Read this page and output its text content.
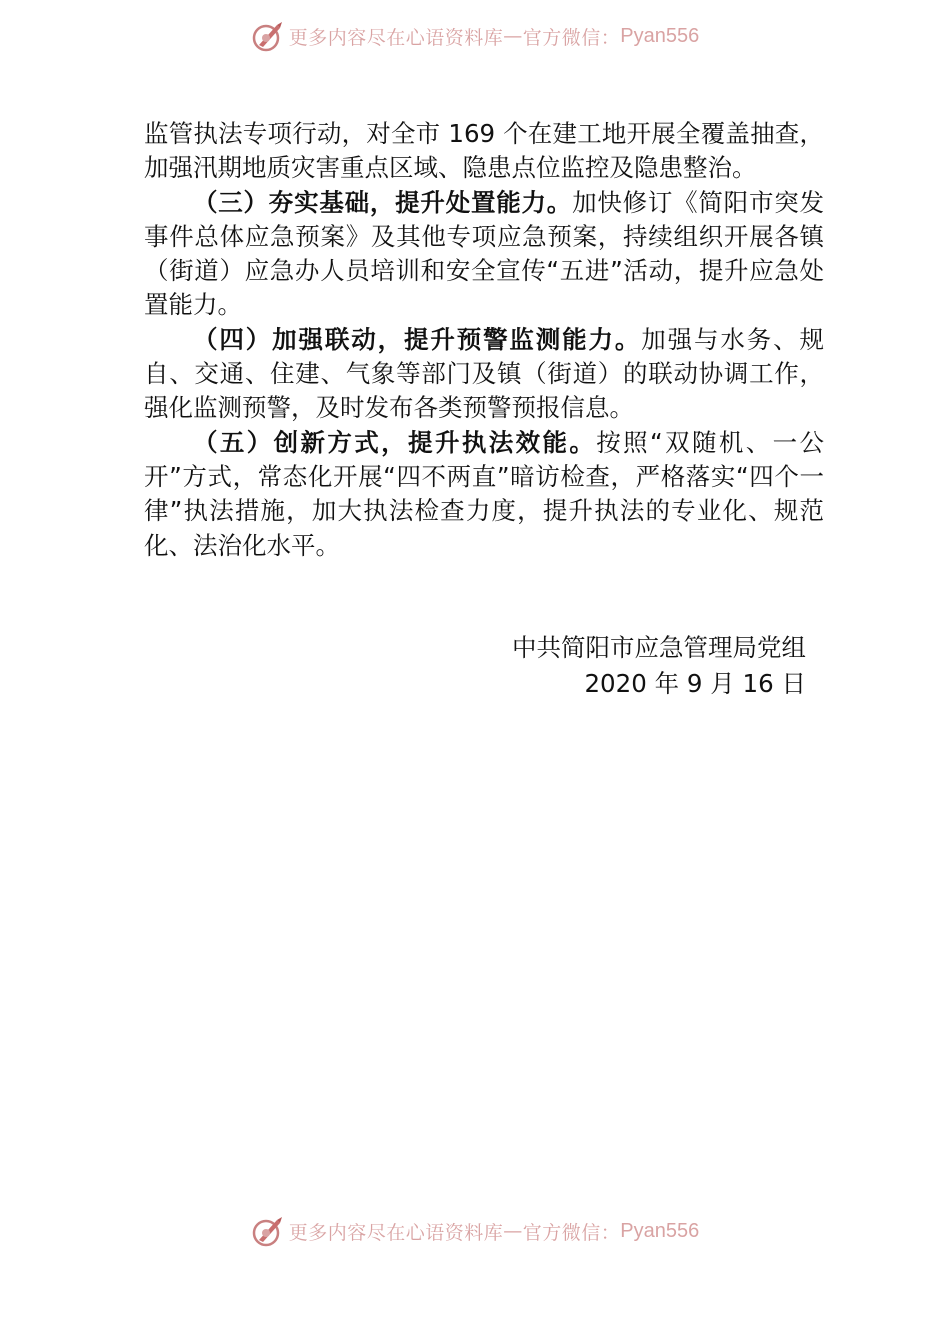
更多内容尽在心语资料库 — 官方微信： Pyan556

监管执法专项行动，对全市 169 个在建工地开展全覆盖抽查，加强汛期地质灾害重点区域、隐患点位监控及隐患整治。

（三）夯实基础，提升处置能力。加快修订《简阳市突发事件总体应急预案》及其他专项应急预案，持续组织开展各镇（街道）应急办人员培训和安全宣传“五进”活动，提升应急处置能力。

（四）加强联动，提升预警监测能力。加强与水务、规自、交通、住建、气象等部门及镇（街道）的联动协调工作，强化监测预警，及时发布各类预警预报信息。

（五）创新方式，提升执法效能。按照“双随机、一公开”方式，常态化开展“四不两直”暗访检查，严格落实“四个一律”执法措施，加大执法检查力度，提升执法的专业化、规范化、法治化水平。

中共简阳市应急管理局党组
2020 年 9 月 16 日
更多内容尽在心语资料库 — 官方微信： Pyan556
